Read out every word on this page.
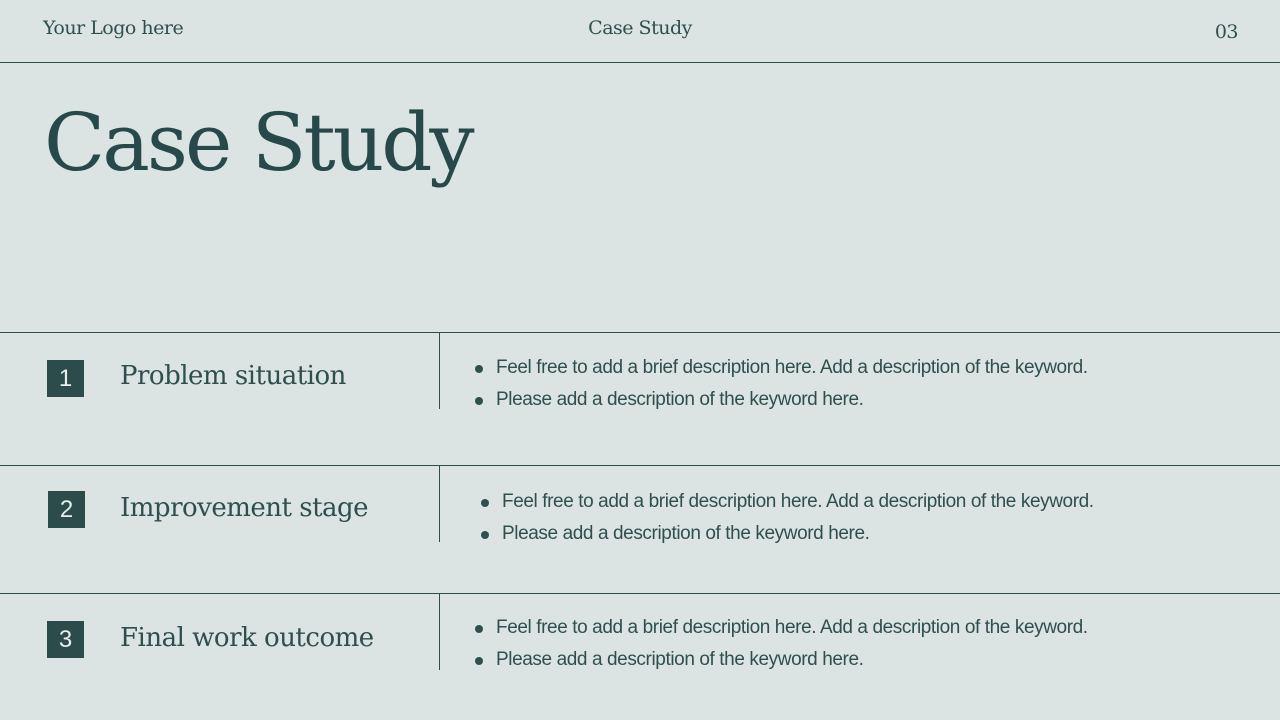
Your Logo here	Case Study	03
Case Study
1	Problem situation	Feel free to add a brief description here. Add a description of the keyword.
Please add a description of the keyword here.
2	Improvement stage	Feel free to add a brief description here. Add a description of the keyword.
Please add a description of the keyword here.
3	Final work outcome	Feel free to add a brief description here. Add a description of the keyword.
Please add a description of the keyword here.
